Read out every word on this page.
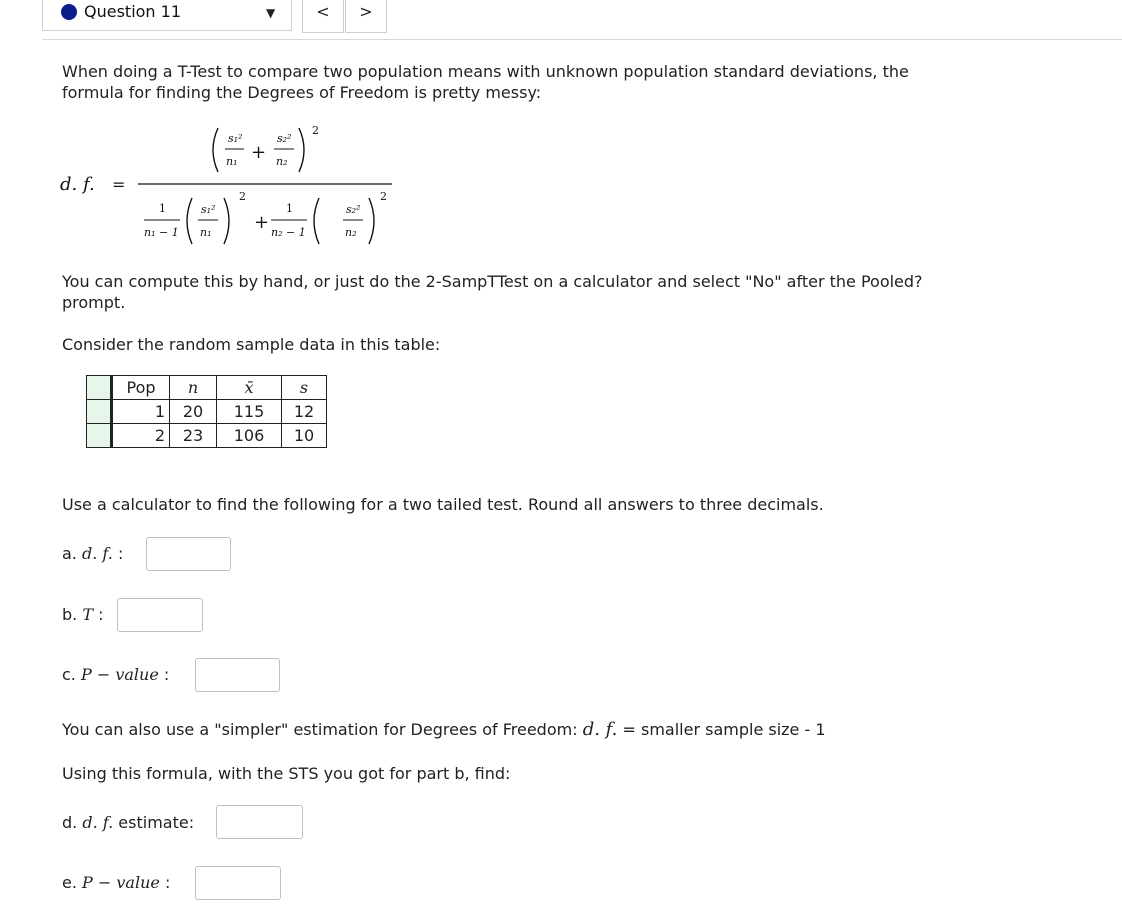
Question 11	▼	<	>
When doing a T-Test to compare two population means with unknown population standard deviations, the
formula for finding the Degrees of Freedom is pretty messy:
d. f. =
s₁²
n₁ +
s₂²
n₂
2
1
n₁ − 1
s₁²
n₁
2
+
1
n₂ − 1
s₂²
n₂
2
You can compute this by hand, or just do the 2-SampTTest on a calculator and select "No" after the Pooled?
prompt.
Consider the random sample data in this table:
	Pop	n	x̄	s
	1	20	115	12
	2	23	106	10
Use a calculator to find the following for a two tailed test. Round all answers to three decimals.
a. d. f. :
b. T :
c. P − value :
You can also use a "simpler" estimation for Degrees of Freedom: d. f. = smaller sample size - 1
Using this formula, with the STS you got for part b, find:
d. d. f. estimate:
e. P − value :
